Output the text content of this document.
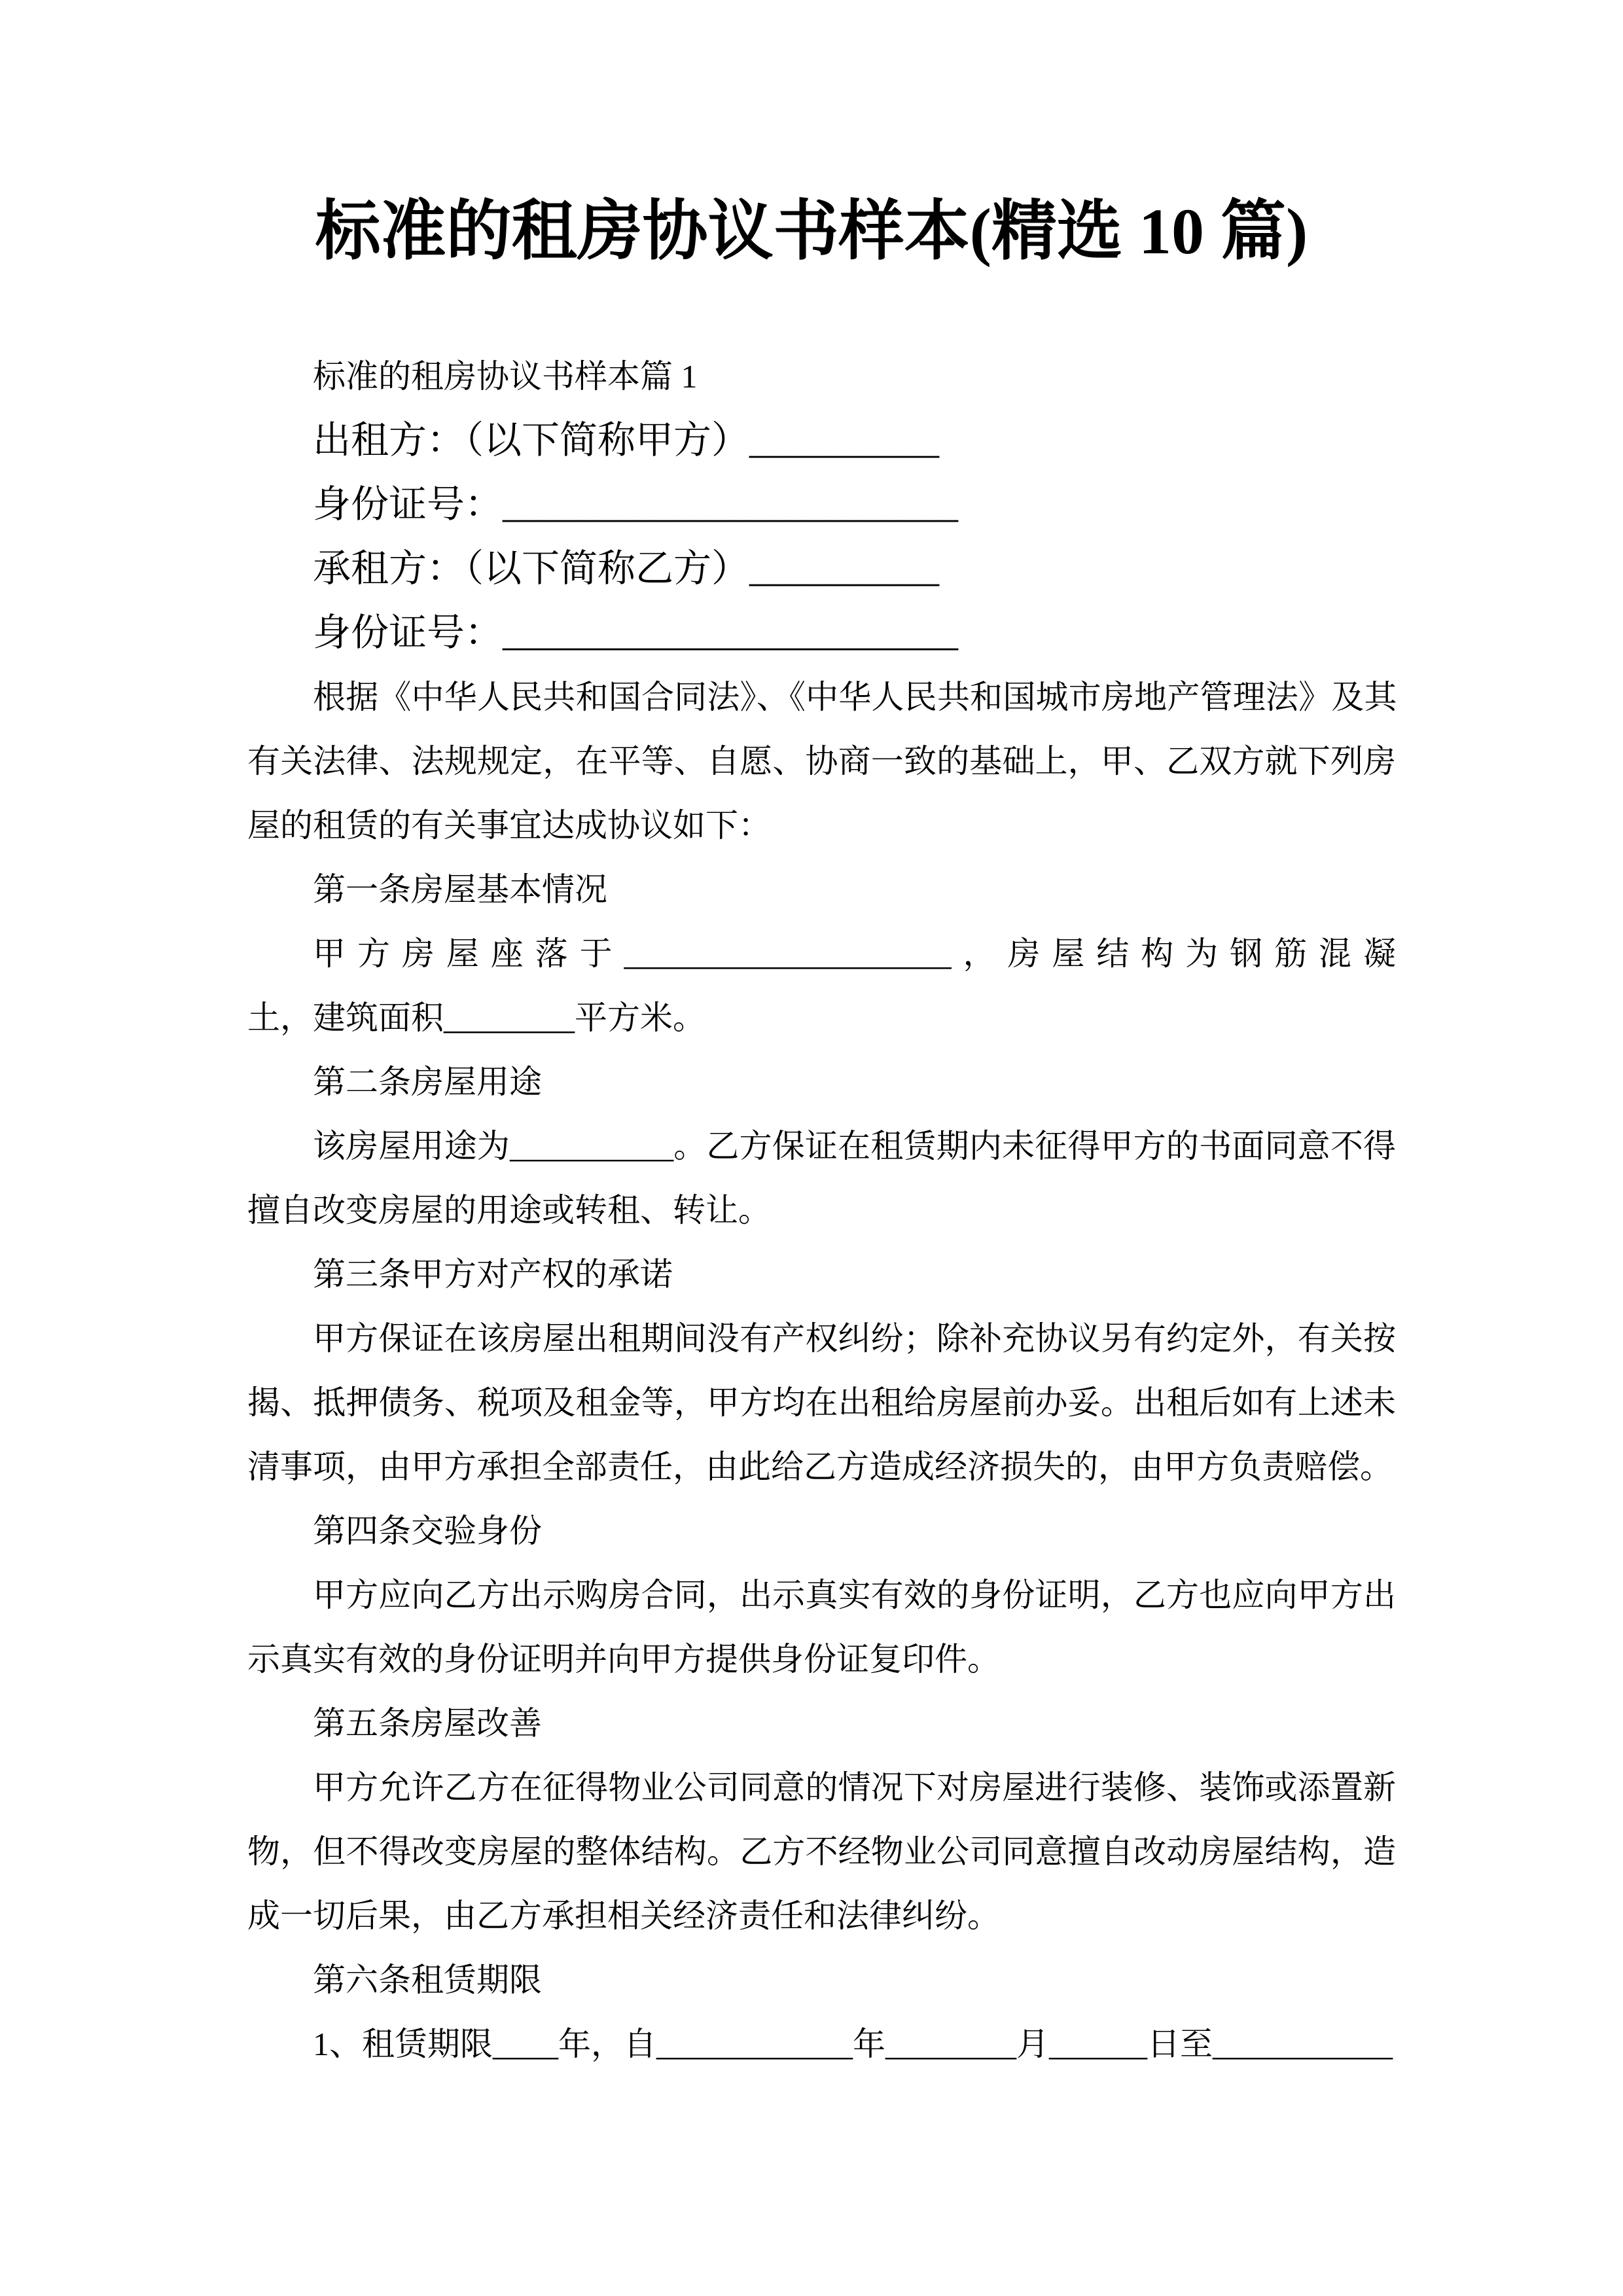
标准的租房协议书样本(精选 10 篇)
标准的租房协议书样本篇 1
出租方：（以下简称甲方）__________
身份证号：________________________
承租方：（以下简称乙方）__________
身份证号：________________________
根据《中华人民共和国合同法》、《中华人民共和国城市房地产管理法》及其
有关法律、法规规定，在平等、自愿、协商一致的基础上，甲、乙双方就下列房
屋的租赁的有关事宜达成协议如下：
第一条房屋基本情况
甲方房屋座落于____________________，房屋结构为钢筋混凝
土，建筑面积________平方米。
第二条房屋用途
该房屋用途为__________。乙方保证在租赁期内未征得甲方的书面同意不得
擅自改变房屋的用途或转租、转让。
第三条甲方对产权的承诺
甲方保证在该房屋出租期间没有产权纠纷；除补充协议另有约定外，有关按
揭、抵押债务、税项及租金等，甲方均在出租给房屋前办妥。出租后如有上述未
清事项，由甲方承担全部责任，由此给乙方造成经济损失的，由甲方负责赔偿。
第四条交验身份
甲方应向乙方出示购房合同，出示真实有效的身份证明，乙方也应向甲方出
示真实有效的身份证明并向甲方提供身份证复印件。
第五条房屋改善
甲方允许乙方在征得物业公司同意的情况下对房屋进行装修、装饰或添置新
物，但不得改变房屋的整体结构。乙方不经物业公司同意擅自改动房屋结构，造
成一切后果，由乙方承担相关经济责任和法律纠纷。
第六条租赁期限
1、租赁期限____年，自____________年________月______日至___________
